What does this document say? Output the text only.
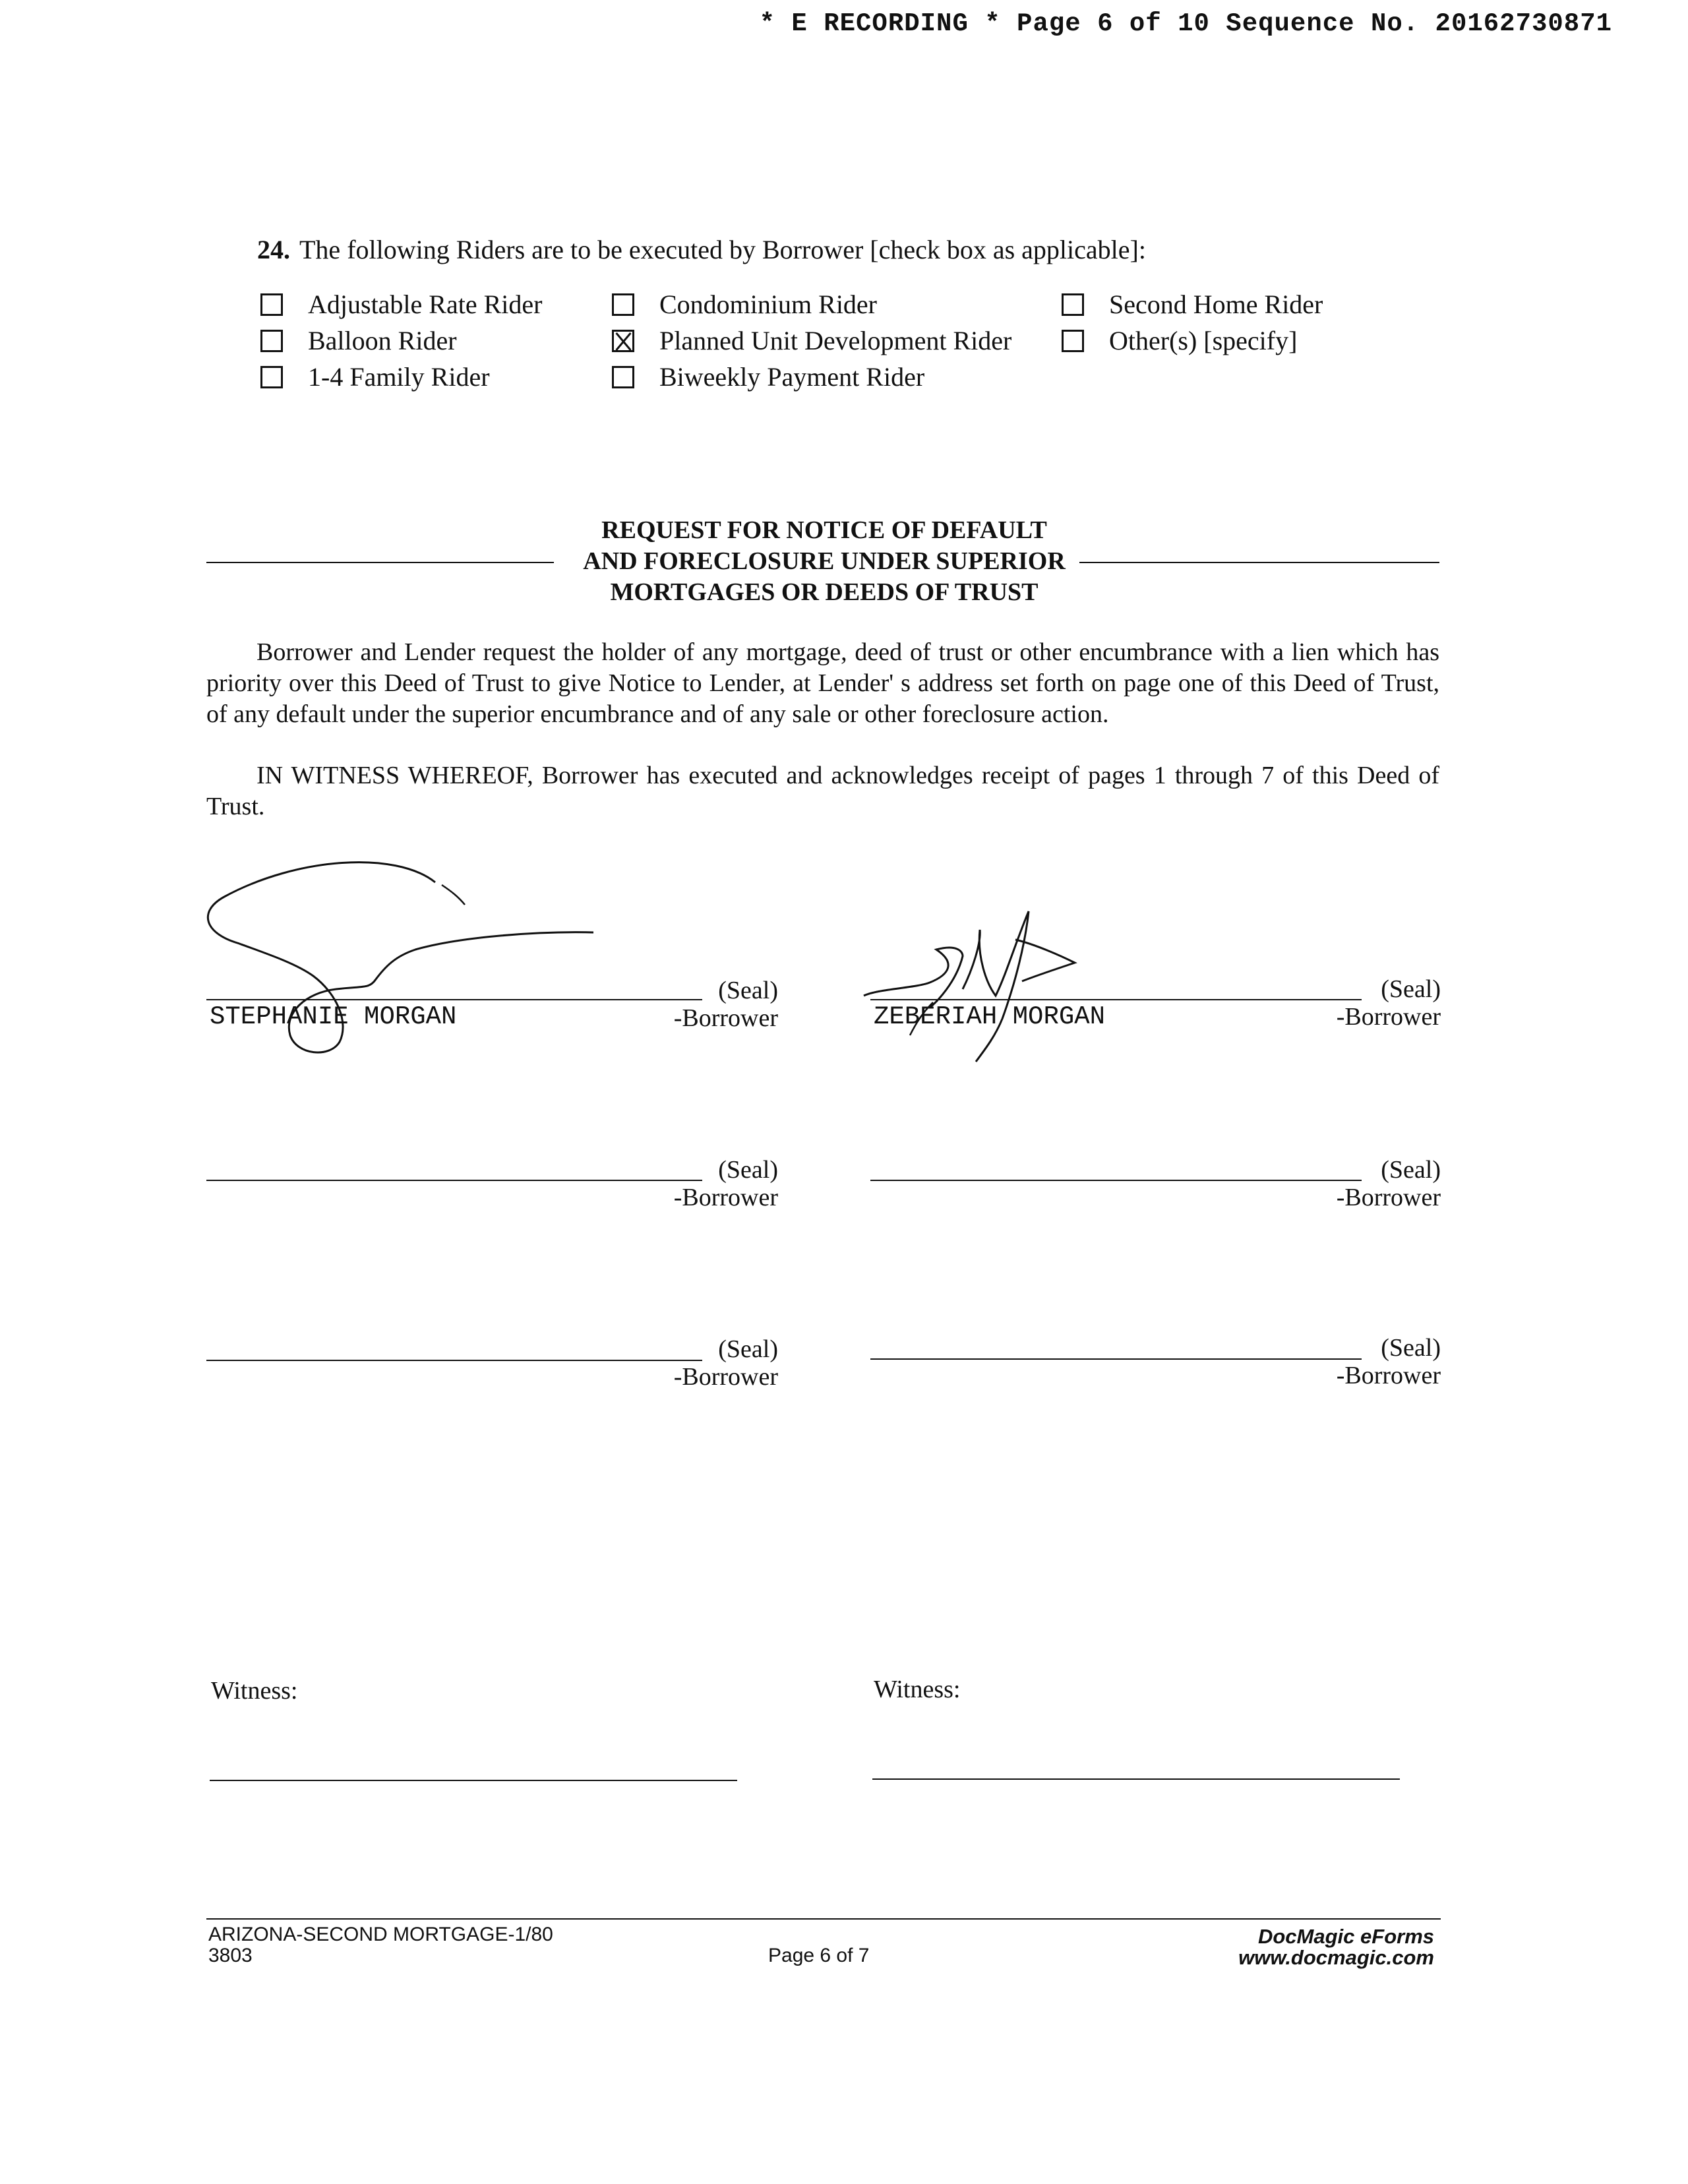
* E RECORDING * Page 6 of 10 Sequence No. 20162730871
24. The following Riders are to be executed by Borrower [check box as applicable]:
Adjustable Rate Rider
Balloon Rider
1-4 Family Rider
Condominium Rider
Planned Unit Development Rider
Biweekly Payment Rider
Second Home Rider
Other(s) [specify]
REQUEST FOR NOTICE OF DEFAULT
AND FORECLOSURE UNDER SUPERIOR
MORTGAGES OR DEEDS OF TRUST
Borrower and Lender request the holder of any mortgage, deed of trust or other encumbrance with a lien which has priority over this Deed of Trust to give Notice to Lender, at Lender' s address set forth on page one of this Deed of Trust, of any default under the superior encumbrance and of any sale or other foreclosure action.
IN WITNESS WHEREOF, Borrower has executed and acknowledges receipt of pages 1 through 7 of this Deed of Trust.
(Seal)
-Borrower
STEPHANIE MORGAN
(Seal)
-Borrower
ZEBERIAH MORGAN
(Seal)
-Borrower
(Seal)
-Borrower
(Seal)
-Borrower
(Seal)
-Borrower
Witness:	Witness:
ARIZONA-SECOND MORTGAGE-1/80
3803	Page 6 of 7
DocMagic eForms
www.docmagic.com
